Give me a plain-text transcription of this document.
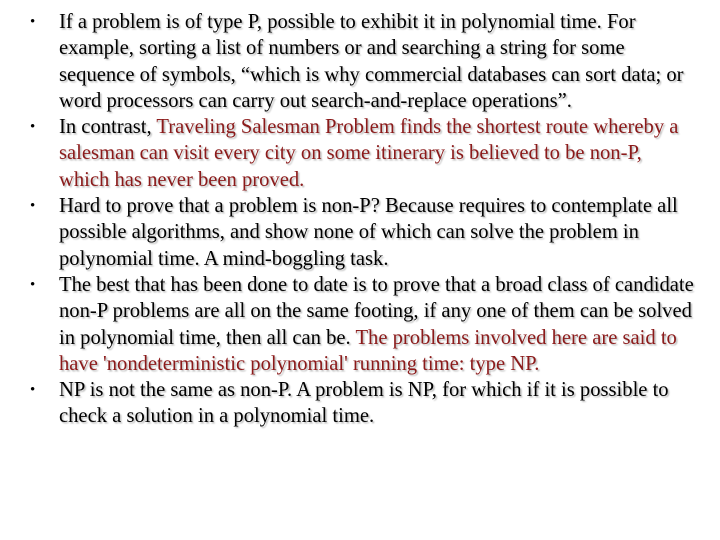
• If a problem is of type P, possible to exhibit it in polynomial time. For example, sorting a list of numbers or and searching a string for some sequence of symbols, “which is why commercial databases can sort data; or word processors can carry out search-and-replace operations”.
• In contrast, Traveling Salesman Problem finds the shortest route whereby a salesman can visit every city on some itinerary is believed to be non-P, which has never been proved.
• Hard to prove that a problem is non-P? Because requires to contemplate all possible algorithms, and show none of which can solve the problem in polynomial time. A mind-boggling task.
• The best that has been done to date is to prove that a broad class of candidate non-P problems are all on the same footing, if any one of them can be solved in polynomial time, then all can be. The problems involved here are said to have 'nondeterministic polynomial' running time: type NP.
• NP is not the same as non-P. A problem is NP, for which if it is possible to check a solution in a polynomial time.
